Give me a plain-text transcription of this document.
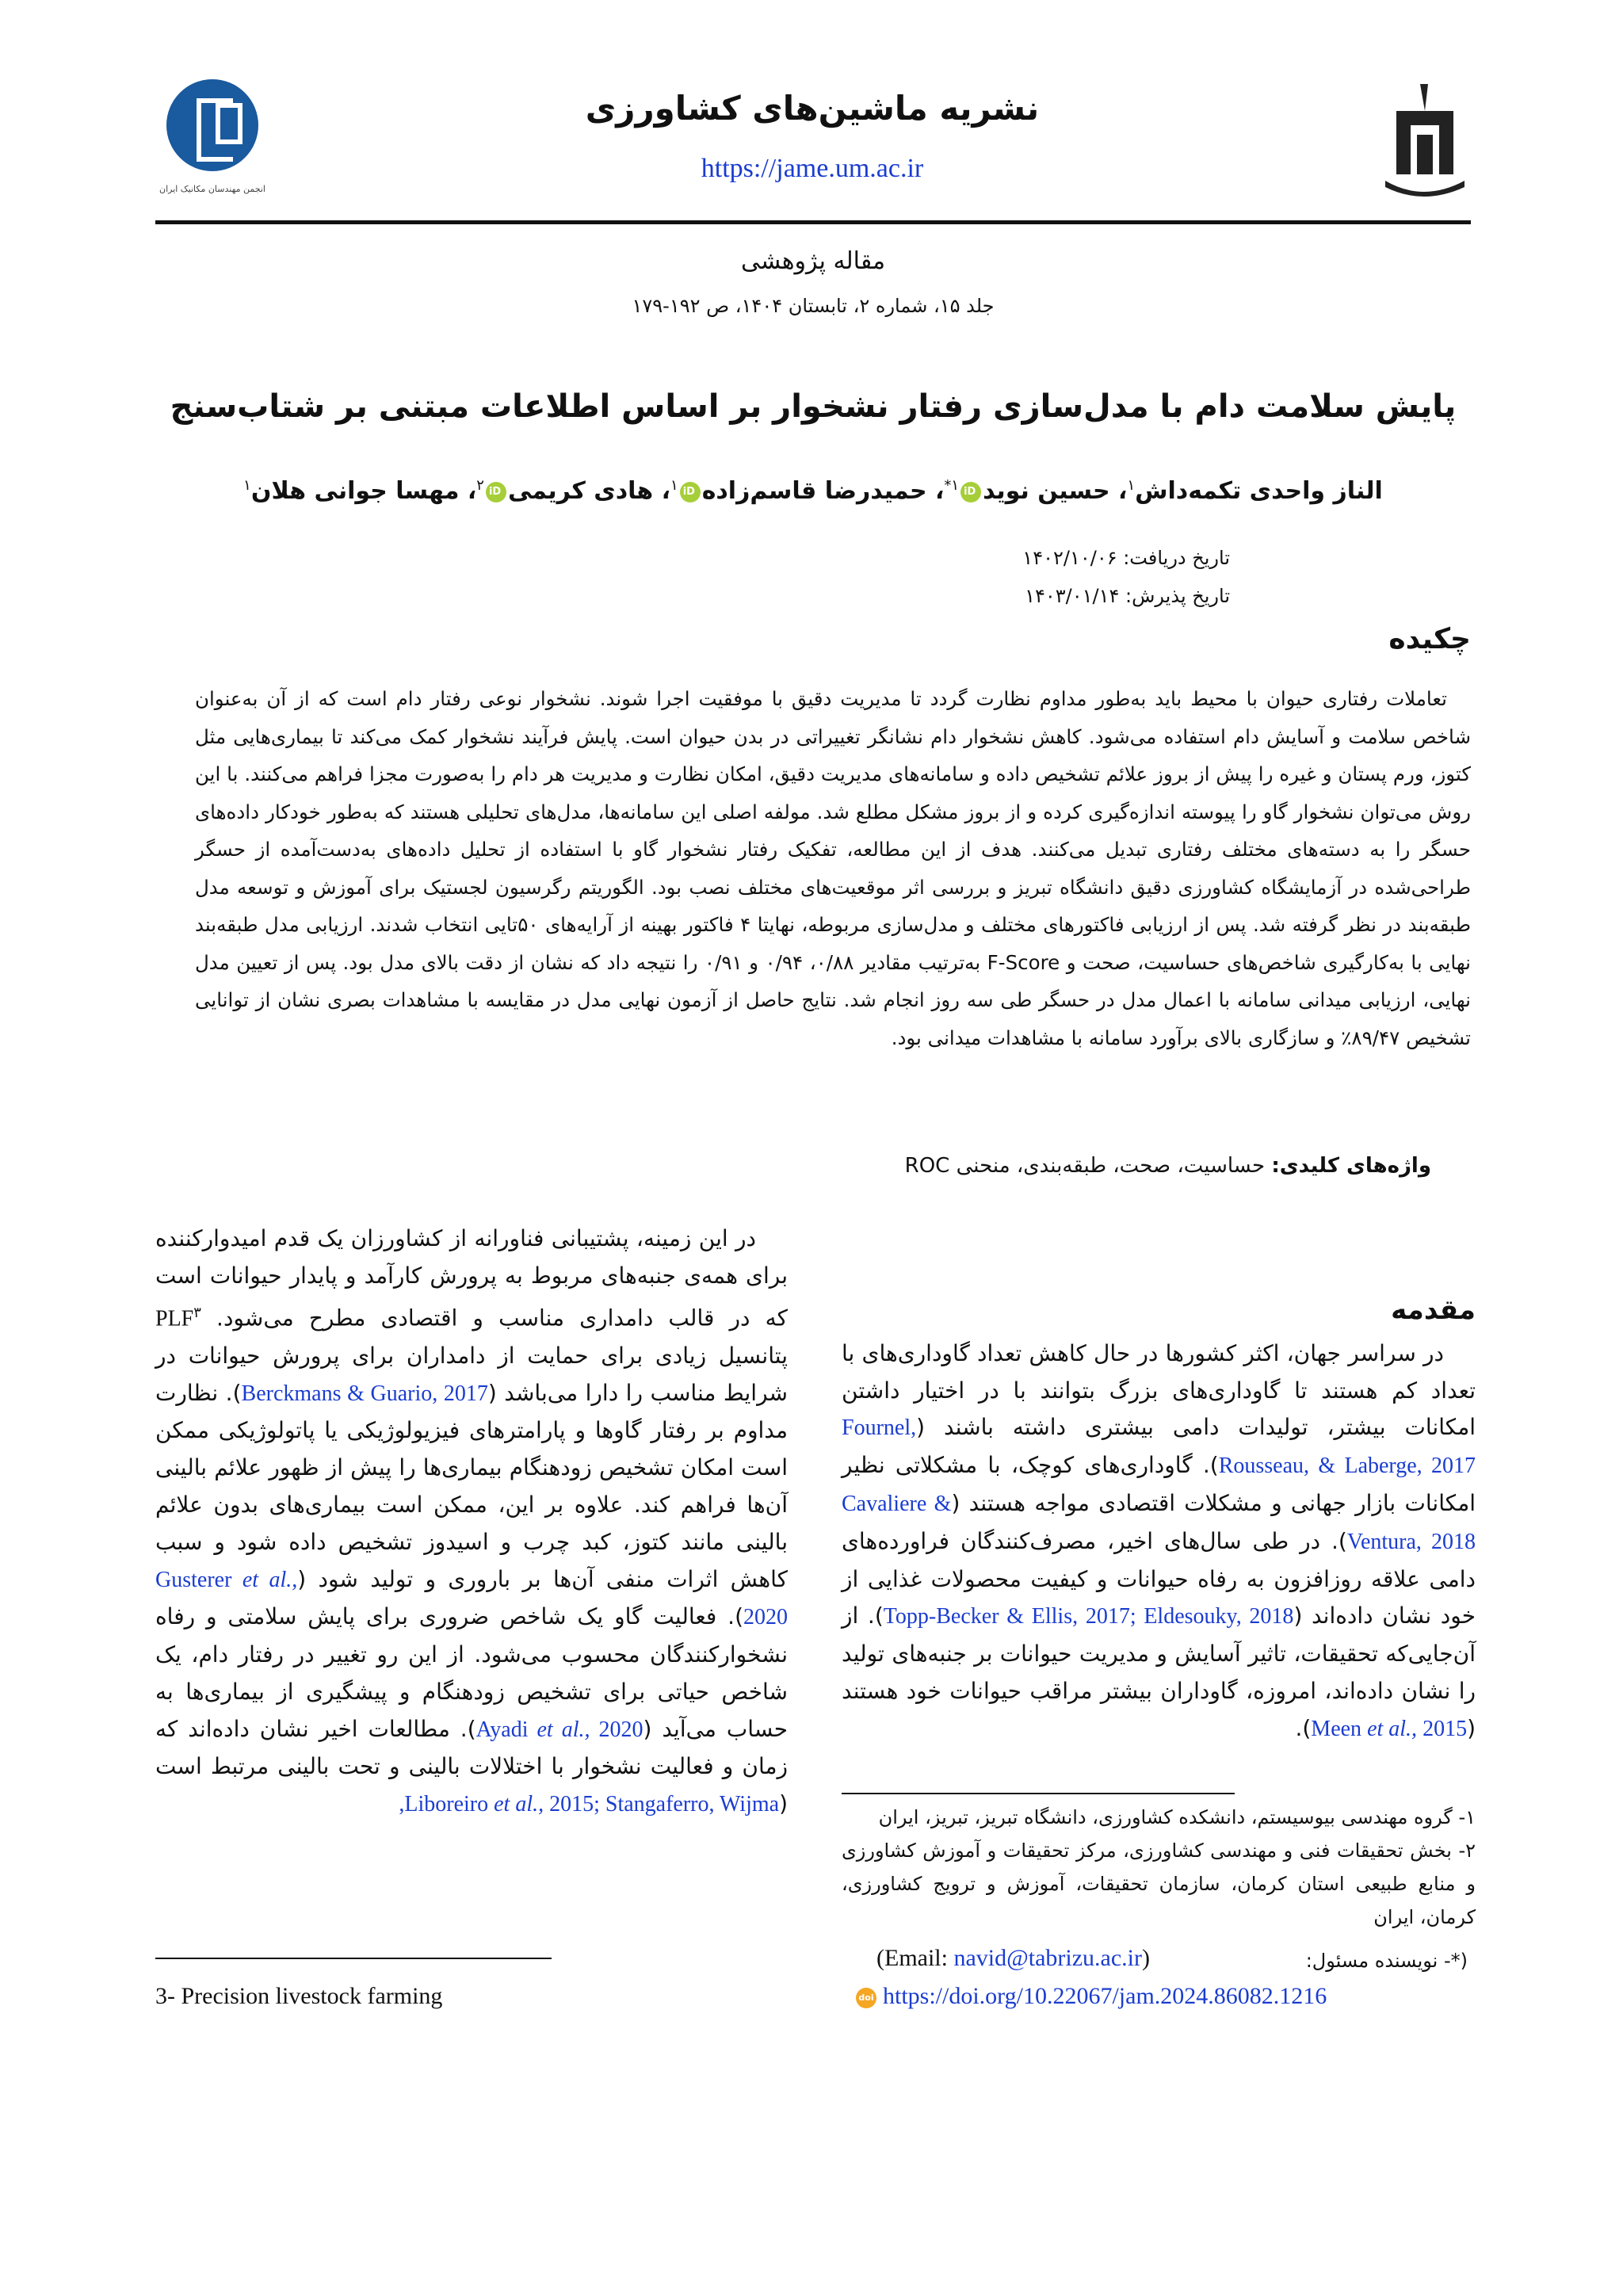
انجمن مهندسان مکانیک ایران
نشریه ماشین‌های کشاورزی
https://jame.um.ac.ir
مقاله پژوهشی
جلد ۱۵، شماره ۲، تابستان ۱۴۰۴، ص ۱۹۲-۱۷۹
پایش سلامت دام با مدل‌سازی رفتار نشخوار بر اساس اطلاعات مبتنی بر شتاب‌سنج
الناز واحدی تکمه‌داش$^۱$، حسین نویدiD$^{۱*}$، حمیدرضا قاسم‌زادهiD$^۱$، هادی کریمیiD$^۲$، مهسا جوانی هلان$^۱$
تاریخ دریافت: ۱۴۰۲/۱۰/۰۶
تاریخ پذیرش: ۱۴۰۳/۰۱/۱۴
چکیده

تعاملات رفتاری حیوان با محیط باید به‌طور مداوم نظارت گردد تا مدیریت دقیق با موفقیت اجرا شوند. نشخوار نوعی رفتار دام است که از آن به‌عنوان شاخص سلامت و آسایش دام استفاده می‌شود. کاهش نشخوار دام نشانگر تغییراتی در بدن حیوان است. پایش فرآیند نشخوار کمک می‌کند تا بیماری‌هایی مثل کتوز، ورم پستان و غیره را پیش از بروز علائم تشخیص داده و سامانه‌های مدیریت دقیق، امکان نظارت و مدیریت هر دام را به‌صورت مجزا فراهم می‌کنند. با این روش می‌توان نشخوار گاو را پیوسته اندازه‌گیری کرده و از بروز مشکل مطلع شد. مولفه اصلی این سامانه‌ها، مدل‌های تحلیلی هستند که به‌طور خودکار داده‌های حسگر را به دسته‌های مختلف رفتاری تبدیل می‌کنند. هدف از این مطالعه، تفکیک رفتار نشخوار گاو با استفاده از تحلیل داده‌های به‌دست‌آمده از حسگر طراحی‌شده در آزمایشگاه کشاورزی دقیق دانشگاه تبریز و بررسی اثر موقعیت‌های مختلف نصب بود. الگوریتم رگرسیون لجستیک برای آموزش و توسعه مدل طبقه‌بند در نظر گرفته شد. پس از ارزیابی فاکتورهای مختلف و مدل‌سازی مربوطه، نهایتا ۴ فاکتور بهینه از آرایه‌های ۵۰تایی انتخاب شدند. ارزیابی مدل طبقه‌بند نهایی با به‌کارگیری شاخص‌های حساسیت، صحت و F-Score به‌ترتیب مقادیر ۰/۸۸، ۰/۹۴ و ۰/۹۱ را نتیجه داد که نشان از دقت بالای مدل بود. پس از تعیین مدل نهایی، ارزیابی میدانی سامانه با اعمال مدل در حسگر طی سه روز انجام شد. نتایج حاصل از آزمون نهایی مدل در مقایسه با مشاهدات بصری نشان از توانایی تشخیص ۸۹/۴۷٪ و سازگاری بالای برآورد سامانه با مشاهدات میدانی بود.

واژه‌های کلیدی: حساسیت، صحت، طبقه‌بندی، منحنی ROC
مقدمه

در سراسر جهان، اکثر کشورها در حال کاهش تعداد گاوداری‌های با تعداد کم هستند تا گاوداری‌های بزرگ بتوانند با در اختیار داشتن امکانات بیشتر، تولیدات دامی بیشتری داشته باشند (Fournel, Rousseau, & Laberge, 2017). گاوداری‌های کوچک، با مشکلاتی نظیر امکانات بازار جهانی و مشکلات اقتصادی مواجه هستند (Cavaliere & Ventura, 2018). در طی سال‌های اخیر، مصرف‌کنندگان فراورده‌های دامی علاقه روزافزون به رفاه حیوانات و کیفیت محصولات غذایی از خود نشان داده‌اند (Topp-Becker & Ellis, 2017; Eldesouky, 2018). از آن‌جایی‌که تحقیقات، تاثیر آسایش و مدیریت حیوانات بر جنبه‌های تولید را نشان داده‌اند، امروزه، گاوداران بیشتر مراقب حیوانات خود هستند (Meen et al., 2015).

در این زمینه، پشتیبانی فناورانه از کشاورزان یک قدم امیدوارکننده برای همه‌ی جنبه‌های مربوط به پرورش کارآمد و پایدار حیوانات است که در قالب دامداری مناسب و اقتصادی مطرح می‌شود. PLF$^۳$ پتانسیل زیادی برای حمایت از دامداران برای پرورش حیوانات در شرایط مناسب را دارا می‌باشد (Berckmans & Guario, 2017). نظارت مداوم بر رفتار گاوها و پارامترهای فیزیولوژیکی یا پاتولوژیکی ممکن است امکان تشخیص زودهنگام بیماری‌ها را پیش از ظهور علائم بالینی آن‌ها فراهم کند. علاوه بر این، ممکن است بیماری‌های بدون علائم بالینی مانند کتوز، کبد چرب و اسیدوز تشخیص داده شود و سبب کاهش اثرات منفی آن‌ها بر باروری و تولید شود (Gusterer et al., 2020). فعالیت گاو یک شاخص ضروری برای پایش سلامتی و رفاه نشخوارکنندگان محسوب می‌شود. از این رو تغییر در رفتار دام، یک شاخص حیاتی برای تشخیص زودهنگام و پیشگیری از بیماری‌ها به حساب می‌آید (Ayadi et al., 2020). مطالعات اخیر نشان داده‌اند که زمان و فعالیت نشخوار با اختلالات بالینی و تحت بالینی مرتبط است (Liboreiro et al., 2015; Stangaferro, Wijma,

۱- گروه مهندسی بیوسیستم، دانشکده کشاورزی، دانشگاه تبریز، تبریز، ایران

۲- بخش تحقیقات فنی و مهندسی کشاورزی، مرکز تحقیقات و آموزش کشاورزی و منابع طبیعی استان کرمان، سازمان تحقیقات، آموزش و ترویج کشاورزی، کرمان، ایران

(*- نویسنده مسئول:
(Email: navid@tabrizu.ac.ir)
doi https://doi.org/10.22067/jam.2024.86082.1216
3- Precision livestock farming
